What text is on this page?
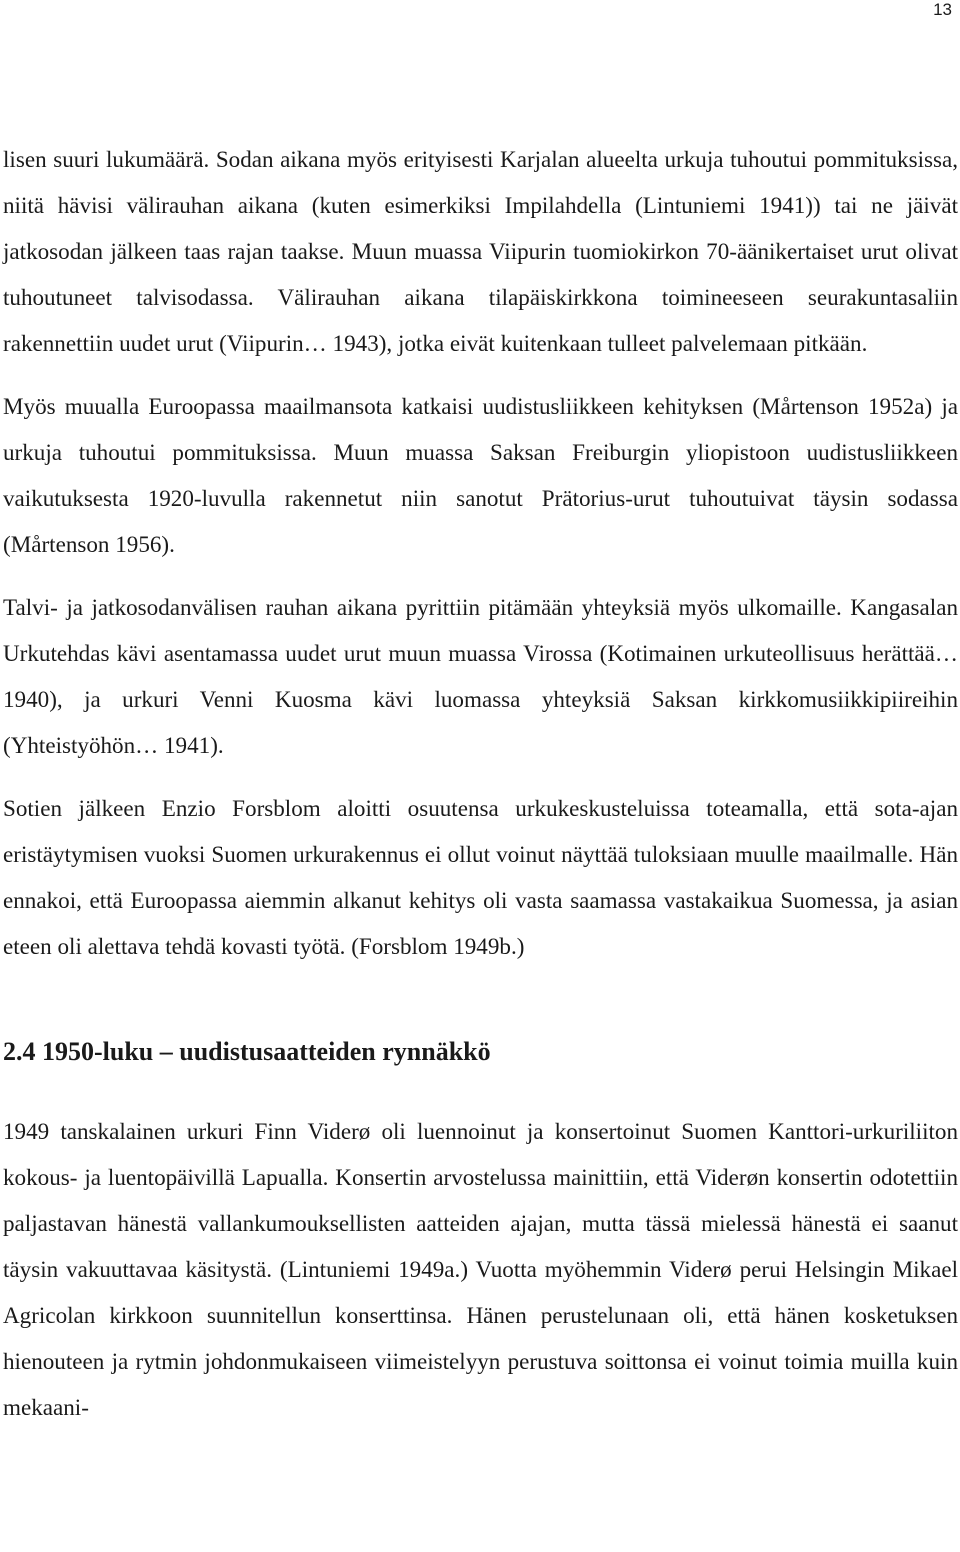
13

lisen suuri lukumäärä. Sodan aikana myös erityisesti Karjalan alueelta urkuja tuhoutui pommituksissa, niitä hävisi välirauhan aikana (kuten esimerkiksi Impilahdella (Lintuniemi 1941)) tai ne jäivät jatkosodan jälkeen taas rajan taakse. Muun muassa Viipurin tuomiokirkon 70-äänikertaiset urut olivat tuhoutuneet talvisodassa. Välirauhan aikana tilapäiskirkkona toimineeseen seurakuntasaliin rakennettiin uudet urut (Viipurin… 1943), jotka eivät kuitenkaan tulleet palvelemaan pitkään.

Myös muualla Euroopassa maailmansota katkaisi uudistusliikkeen kehityksen (Mårtenson 1952a) ja urkuja tuhoutui pommituksissa. Muun muassa Saksan Freiburgin yliopistoon uudistusliikkeen vaikutuksesta 1920-luvulla rakennetut niin sanotut Prätorius-urut tuhoutuivat täysin sodassa (Mårtenson 1956).

Talvi- ja jatkosodanvälisen rauhan aikana pyrittiin pitämään yhteyksiä myös ulkomaille. Kangasalan Urkutehdas kävi asentamassa uudet urut muun muassa Virossa (Kotimainen urkuteollisuus herättää… 1940), ja urkuri Venni Kuosma kävi luomassa yhteyksiä Saksan kirkkomusiikkipiireihin (Yhteistyöhön… 1941).

Sotien jälkeen Enzio Forsblom aloitti osuutensa urkukeskusteluissa toteamalla, että sota-ajan eristäytymisen vuoksi Suomen urkurakennus ei ollut voinut näyttää tuloksiaan muulle maailmalle. Hän ennakoi, että Euroopassa aiemmin alkanut kehitys oli vasta saamassa vastakaikua Suomessa, ja asian eteen oli alettava tehdä kovasti työtä. (Forsblom 1949b.)

2.4 1950-luku – uudistusaatteiden rynnäkkö

1949 tanskalainen urkuri Finn Viderø oli luennoinut ja konsertoinut Suomen Kanttori-urkuriliiton kokous- ja luentopäivillä Lapualla. Konsertin arvostelussa mainittiin, että Viderøn konsertin odotettiin paljastavan hänestä vallankumouksellisten aatteiden ajajan, mutta tässä mielessä hänestä ei saanut täysin vakuuttavaa käsitystä. (Lintuniemi 1949a.) Vuotta myöhemmin Viderø perui Helsingin Mikael Agricolan kirkkoon suunnitellun konserttinsa. Hänen perustelunaan oli, että hänen kosketuksen hienouteen ja rytmin johdonmukaiseen viimeistelyyn perustuva soittonsa ei voinut toimia muilla kuin mekaani-
